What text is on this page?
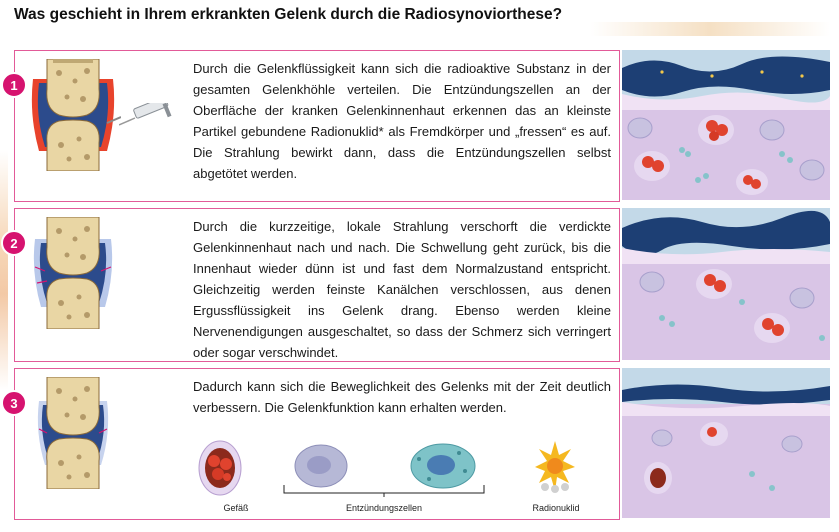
Was geschieht in Ihrem erkrankten Gelenk durch die Radiosynoviorthese?
1

Durch die Gelenkflüssigkeit kann sich die radioaktive Substanz in der gesamten Gelenkhöhle verteilen. Die Entzündungszellen an der Oberfläche der kranken Gelenkinnenhaut erkennen das an kleinste Partikel gebundene Radionuklid* als Fremdkörper und „fressen“ es auf. Die Strahlung bewirkt dann, dass die Entzündungszellen selbst abgetötet werden.

2

Durch die kurzzeitige, lokale Strahlung verschorft die verdickte Gelenkinnenhaut nach und nach. Die Schwellung geht zurück, bis die Innenhaut wieder dünn ist und fast dem Normalzustand entspricht. Gleichzeitig werden feinste Kanälchen verschlossen, aus denen Ergussflüssigkeit ins Gelenk drang. Ebenso werden kleine Nervenendigungen ausgeschaltet, so dass der Schmerz sich verringert oder sogar verschwindet.

3

Dadurch kann sich die Beweglichkeit des Gelenks mit der Zeit deutlich verbessern. Die Gelenkfunktion kann erhalten werden.

Gefäß	Entzündungszellen	Radionuklid
